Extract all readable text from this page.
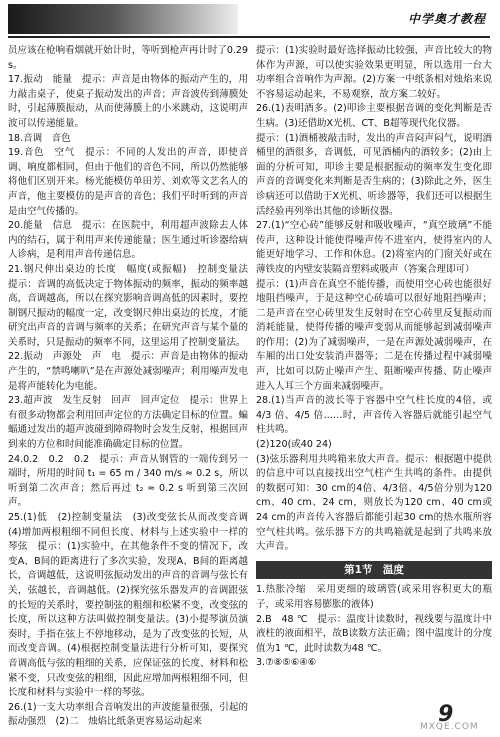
中学奥才教程

员应该在枪响看烟就开始计时，等听到枪声再计时了0.29 s。

17.振动　能量　提示：声音是由物体的振动产生的，用力敲击桌子，使桌子振动发出的声音；声音波传到薄膜处时，引起薄膜振动，从而使薄膜上的小米跳动，这说明声波可以传递能量。

18.音调　音色

19.音色　空气　提示：不同的人发出的声音，即使音调、响度都相同，但由于他们的音色不同，所以仍然能够将他们区别开来。杨光能模仿单田芳、刘欢等文艺名人的声音，他主要模仿的是声音的音色；我们平时听到的声音是由空气传播的。

20.能量　信息　提示：在医院中，利用超声波除去人体内的结石，属于利用声来传递能量；医生通过听诊器给病人诊病，是利用声音传递信息。

21.钢尺伸出桌边的长度　幅度(或振幅)　控制变量法　提示：音调的高低决定于物体振动的频率，振动的频率越高，音调越高，所以在探究影响音调高低的因素时，要控制钢尺振动的幅度一定，改变钢尺伸出桌边的长度，才能研究出声音的音调与频率的关系；在研究声音与某个量的关系时，只是振动的频率不同，这里运用了控制变量法。

22.振动　声源处　声　电　提示：声音是由物体的振动产生的，“禁鸣喇叭”是在声源处减弱噪声；利用噪声发电是将声能转化为电能。

23.超声波　发生反射　回声　回声定位　提示：世界上有很多动物都会利用回声定位的方法确定目标的位置。蝙蝠通过发出的超声波碰到障碍物时会发生反射，根据回声到来的方位和时间能准确确定目标的位置。

24.0.2　0.2　0.2　提示：声音从钢管的一端传到另一端时，所用的时间 t₁ = 65 m / 340 m/s ≈ 0.2 s，所以听到第二次声音；然后再过 t₂ ≈ 0.2 s 听到第三次回声。

25.(1)低　(2)控制变量法　(3)改变弦长从而改变音调　(4)增加两根粗细不同但长度、材料与上述实验中一样的琴弦　提示：(1)实验中，在其他条件不变的情况下，改变A、B间的距离进行了多次实验，发现A、B间的距离越长，音调越低，这说明弦振动发出的声音的音调与弦长有关，弦越长，音调越低。(2)探究弦乐器发声的音调跟弦的长短的关系时，要控制弦的粗细和松紧不变，改变弦的长度，所以这种方法叫做控制变量法。(3)小提琴演员演奏时，手指在弦上不停地移动，是为了改变弦的长短，从而改变音调。(4)根据控制变量法进行分析可知，要探究音调高低与弦的粗细的关系，应保证弦的长度、材料和松紧不变，只改变弦的粗细，因此应增加两根粗细不同，但长度和材料与实验中一样的琴弦。

26.(1)一支大功率组合音响发出的声波能量很强，引起的振动强烈　(2)二　烛焰比纸条更容易运动起来

提示：(1)实验时最好选择振动比较强，声音比较大的物体作为声源，可以使实验效果更明显，所以选用一台大功率组合音响作为声源。(2)方案一中纸条相对烛焰来说不容易运动起来，不易观察，故方案二较好。

26.(1)表明酒多。(2)叩诊主要根据音调的变化判断是否生病。(3)还借助X光机、CT、B超等现代化仪器。

提示：(1)酒桶被敲击时，发出的声音闷声闷气，说明酒桶里的酒很多，音调低，可见酒桶内的酒较多；(2)由上面的分析可知，叩诊主要是根据振动的频率发生变化即声音的音调变化来判断是否生病的；(3)除此之外，医生诊病还可以借助于X光机、听诊器等，我们还可以根据生活经验再列举出其他的诊断仪器。

27.(1)“空心砖”能够反射和吸收噪声，“真空玻璃”不能传声，这种设计能使得噪声传不进室内，使得室内的人能更好地学习、工作和休息。(2)将室内的门窗关好或在薄铁皮的内壁安装隔音塑料或吸声（答案合理即可）

提示：(1)声音在真空不能传播，而使用空心砖也能很好地阻挡噪声，于是这种空心砖墙可以很好地阻挡噪声；二是声音在空心砖里发生反射时在空心砖里反复振动而消耗能量，使得传播的噪声变弱从而能够起到减弱噪声的作用；(2)为了减弱噪声，一是在声源处减弱噪声，在车厢的出口处安装消声器等；二是在传播过程中减弱噪声，比如可以防止噪声产生、阻断噪声传播、防止噪声进入人耳三个方面来减弱噪声。

28.(1)当声音的波长等于容器中空气柱长度的4倍，或 4/3 倍、4/5 倍……时，声音传入容器后就能引起空气柱共鸣。

(2)120(或40 24)

(3)弦乐器利用共鸣箱来放大声音。提示：根据题中提供的信息中可以直接找出空气柱产生共鸣的条件。由提供的数据可知：30 cm的4倍、4/3倍、4/5倍分别为120 cm、40 cm、24 cm，则放长为120 cm、40 cm或24 cm的声音传入容器后都能引起30 cm的热水瓶所容空气柱共鸣。弦乐器下方的共鸣箱就是起到了共鸣来放大声音。

第1节　温度

1.热胀冷缩　采用更细的玻璃管(或采用容积更大的瓶子，或采用容易膨胀的液体)

2.B　48 ℃　提示：温度计读数时，视线要与温度计中液柱的液面相平，故B读数方法正确；图中温度计的分度值为1 ℃，此时读数为48 ℃。

3.⑦⑧⑤⑥④⑥

9
MXQE.COM
